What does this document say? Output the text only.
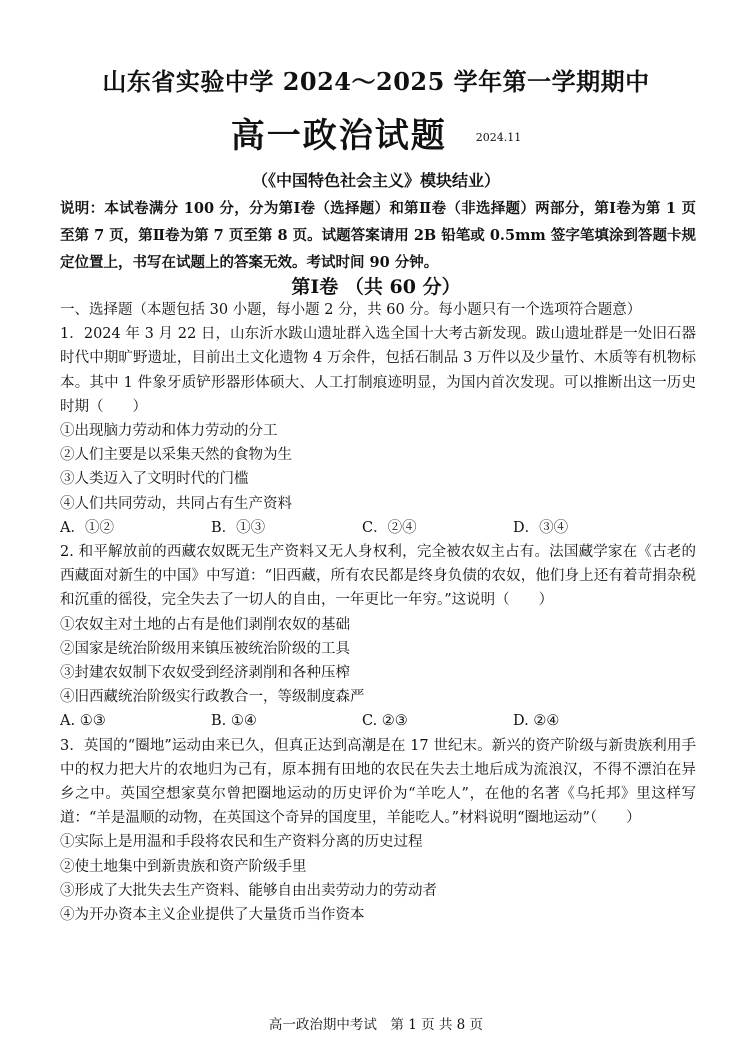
山东省实验中学 2024～2025 学年第一学期期中
高一政治试题	$^{2024.11}$
（《中国特色社会主义》模块结业）
说明：本试卷满分 100 分，分为第Ⅰ卷（选择题）和第Ⅱ卷（非选择题）两部分，第Ⅰ卷为第 1 页至第 7 页，第Ⅱ卷为第 7 页至第 8 页。试题答案请用 2B 铅笔或 0.5mm 签字笔填涂到答题卡规定位置上，书写在试题上的答案无效。考试时间 90 分钟。
第Ⅰ卷 （共 60 分）

一、选择题（本题包括 30 小题，每小题 2 分，共 60 分。每小题只有一个选项符合题意）

1．2024 年 3 月 22 日，山东沂水跋山遗址群入选全国十大考古新发现。跋山遗址群是一处旧石器时代中期旷野遗址，目前出土文化遗物 4 万余件，包括石制品 3 万件以及少量竹、木质等有机物标本。其中 1 件象牙质铲形器形体硕大、人工打制痕迹明显，为国内首次发现。可以推断出这一历史时期（　　）

①出现脑力劳动和体力劳动的分工

②人们主要是以采集天然的食物为生

③人类迈入了文明时代的门槛

④人们共同劳动，共同占有生产资料

A．①②	B．①③	C．②④	D．③④

2. 和平解放前的西藏农奴既无生产资料又无人身权利，完全被农奴主占有。法国藏学家在《古老的西藏面对新生的中国》中写道：“旧西藏，所有农民都是终身负债的农奴，他们身上还有着苛捐杂税和沉重的徭役，完全失去了一切人的自由，一年更比一年穷。”这说明（　　）

①农奴主对土地的占有是他们剥削农奴的基础

②国家是统治阶级用来镇压被统治阶级的工具

③封建农奴制下农奴受到经济剥削和各种压榨

④旧西藏统治阶级实行政教合一，等级制度森严

A. ①③	B. ①④	C. ②③	D. ②④

3．英国的“圈地”运动由来已久，但真正达到高潮是在 17 世纪末。新兴的资产阶级与新贵族利用手中的权力把大片的农地归为己有，原本拥有田地的农民在失去土地后成为流浪汉，不得不漂泊在异乡之中。英国空想家莫尔曾把圈地运动的历史评价为“羊吃人”，在他的名著《乌托邦》里这样写道：“羊是温顺的动物，在英国这个奇异的国度里，羊能吃人。”材料说明“圈地运动”（　　）

①实际上是用温和手段将农民和生产资料分离的历史过程

②使土地集中到新贵族和资产阶级手里

③形成了大批失去生产资料、能够自由出卖劳动力的劳动者

④为开办资本主义企业提供了大量货币当作资本

高一政治期中考试　第 1 页 共 8 页
